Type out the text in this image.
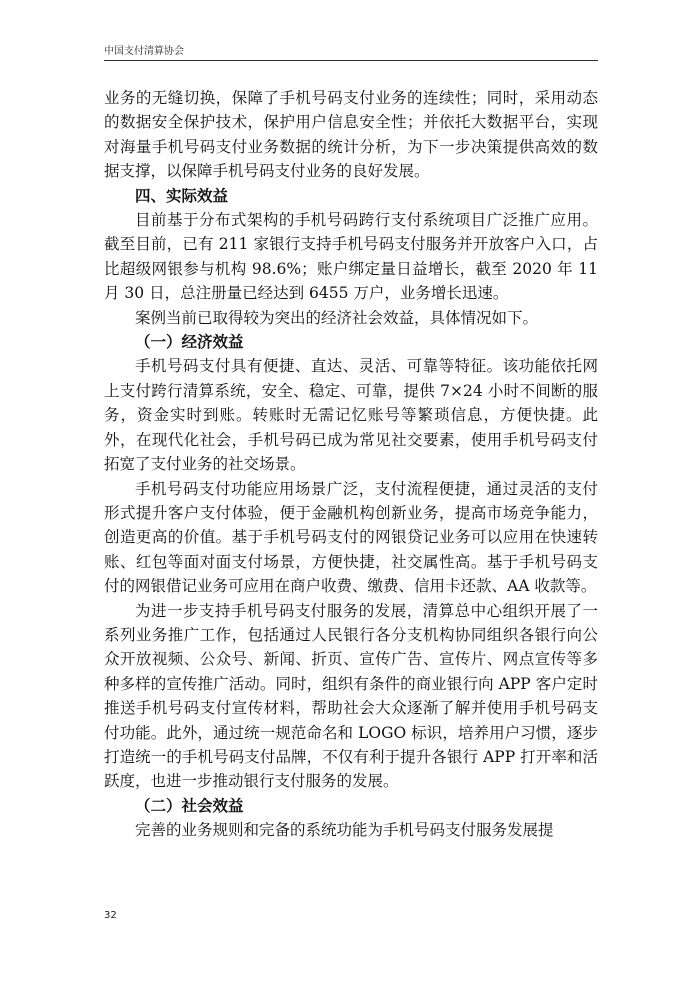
中国支付清算协会

业务的无缝切换，保障了手机号码支付业务的连续性；同时，采用动态的数据安全保护技术，保护用户信息安全性；并依托大数据平台，实现对海量手机号码支付业务数据的统计分析，为下一步决策提供高效的数据支撑，以保障手机号码支付业务的良好发展。

四、实际效益

目前基于分布式架构的手机号码跨行支付系统项目广泛推广应用。截至目前，已有 211 家银行支持手机号码支付服务并开放客户入口，占比超级网银参与机构 98.6%；账户绑定量日益增长，截至 2020 年 11 月 30 日，总注册量已经达到 6455 万户，业务增长迅速。

案例当前已取得较为突出的经济社会效益，具体情况如下。

（一）经济效益

手机号码支付具有便捷、直达、灵活、可靠等特征。该功能依托网上支付跨行清算系统，安全、稳定、可靠，提供 7×24 小时不间断的服务，资金实时到账。转账时无需记忆账号等繁琐信息，方便快捷。此外，在现代化社会，手机号码已成为常见社交要素，使用手机号码支付拓宽了支付业务的社交场景。

手机号码支付功能应用场景广泛，支付流程便捷，通过灵活的支付形式提升客户支付体验，便于金融机构创新业务，提高市场竞争能力，创造更高的价值。基于手机号码支付的网银贷记业务可以应用在快速转账、红包等面对面支付场景，方便快捷，社交属性高。基于手机号码支付的网银借记业务可应用在商户收费、缴费、信用卡还款、AA 收款等。

为进一步支持手机号码支付服务的发展，清算总中心组织开展了一系列业务推广工作，包括通过人民银行各分支机构协同组织各银行向公众开放视频、公众号、新闻、折页、宣传广告、宣传片、网点宣传等多种多样的宣传推广活动。同时，组织有条件的商业银行向 APP 客户定时推送手机号码支付宣传材料，帮助社会大众逐渐了解并使用手机号码支付功能。此外，通过统一规范命名和 LOGO 标识，培养用户习惯，逐步打造统一的手机号码支付品牌，不仅有利于提升各银行 APP 打开率和活跃度，也进一步推动银行支付服务的发展。

（二）社会效益

完善的业务规则和完备的系统功能为手机号码支付服务发展提

32
